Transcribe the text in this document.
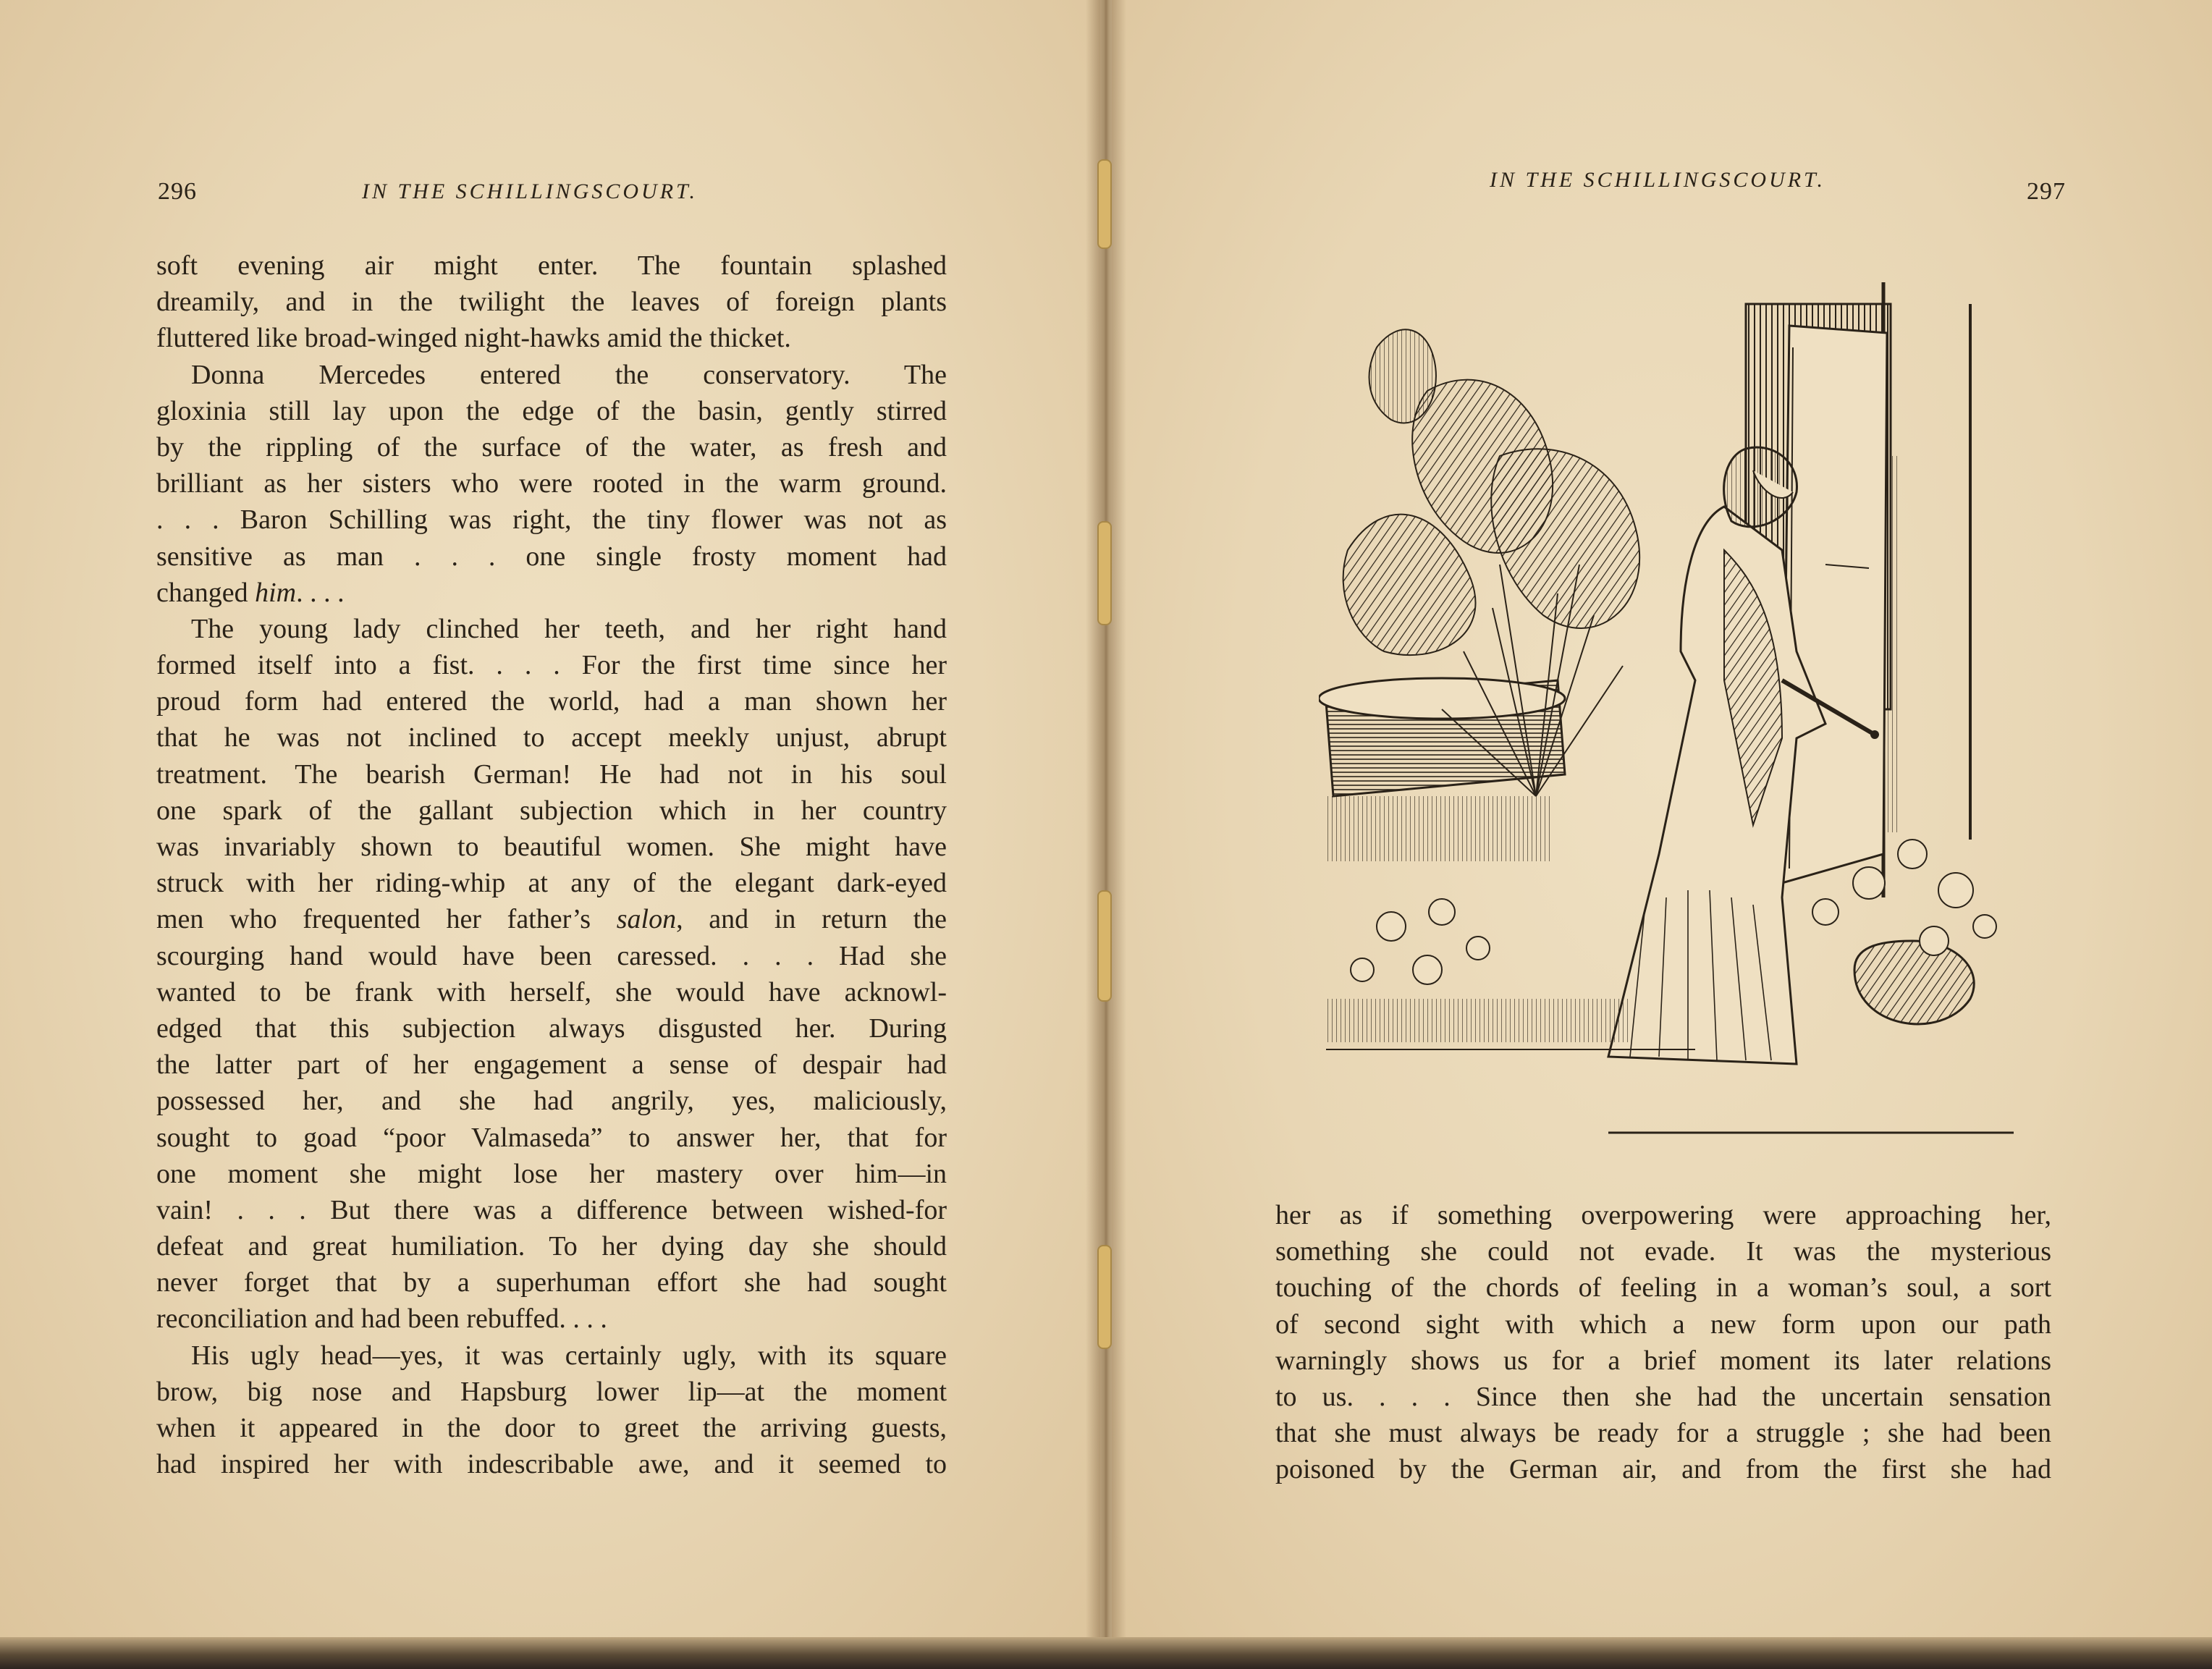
296	IN THE SCHILLINGSCOURT.
soft evening air might enter. The fountain splashed
dreamily, and in the twilight the leaves of foreign plants
fluttered like broad-winged night-hawks amid the thicket.
Donna Mercedes entered the conservatory. The
gloxinia still lay upon the edge of the basin, gently stirred
by the rippling of the surface of the water, as fresh and
brilliant as her sisters who were rooted in the warm ground.
. . . Baron Schilling was right, the tiny flower was not as
sensitive as man . . . one single frosty moment had
changed him. . . .
The young lady clinched her teeth, and her right hand
formed itself into a fist. . . . For the first time since her
proud form had entered the world, had a man shown her
that he was not inclined to accept meekly unjust, abrupt
treatment. The bearish German! He had not in his soul
one spark of the gallant subjection which in her country
was invariably shown to beautiful women. She might have
struck with her riding-whip at any of the elegant dark-eyed
men who frequented her father’s salon, and in return the
scourging hand would have been caressed. . . . Had she
wanted to be frank with herself, she would have acknowl-
edged that this subjection always disgusted her. During
the latter part of her engagement a sense of despair had
possessed her, and she had angrily, yes, maliciously,
sought to goad “poor Valmaseda” to answer her, that for
one moment she might lose her mastery over him—in
vain! . . . But there was a difference between wished-for
defeat and great humiliation. To her dying day she should
never forget that by a superhuman effort she had sought
reconciliation and had been rebuffed. . . .
His ugly head—yes, it was certainly ugly, with its square
brow, big nose and Hapsburg lower lip—at the moment
when it appeared in the door to greet the arriving guests,
had inspired her with indescribable awe, and it seemed to
IN THE SCHILLINGSCOURT.	297
her as if something overpowering were approaching her,
something she could not evade. It was the mysterious
touching of the chords of feeling in a woman’s soul, a sort
of second sight with which a new form upon our path
warningly shows us for a brief moment its later relations
to us. . . . Since then she had the uncertain sensation
that she must always be ready for a struggle ; she had been
poisoned by the German air, and from the first she had
